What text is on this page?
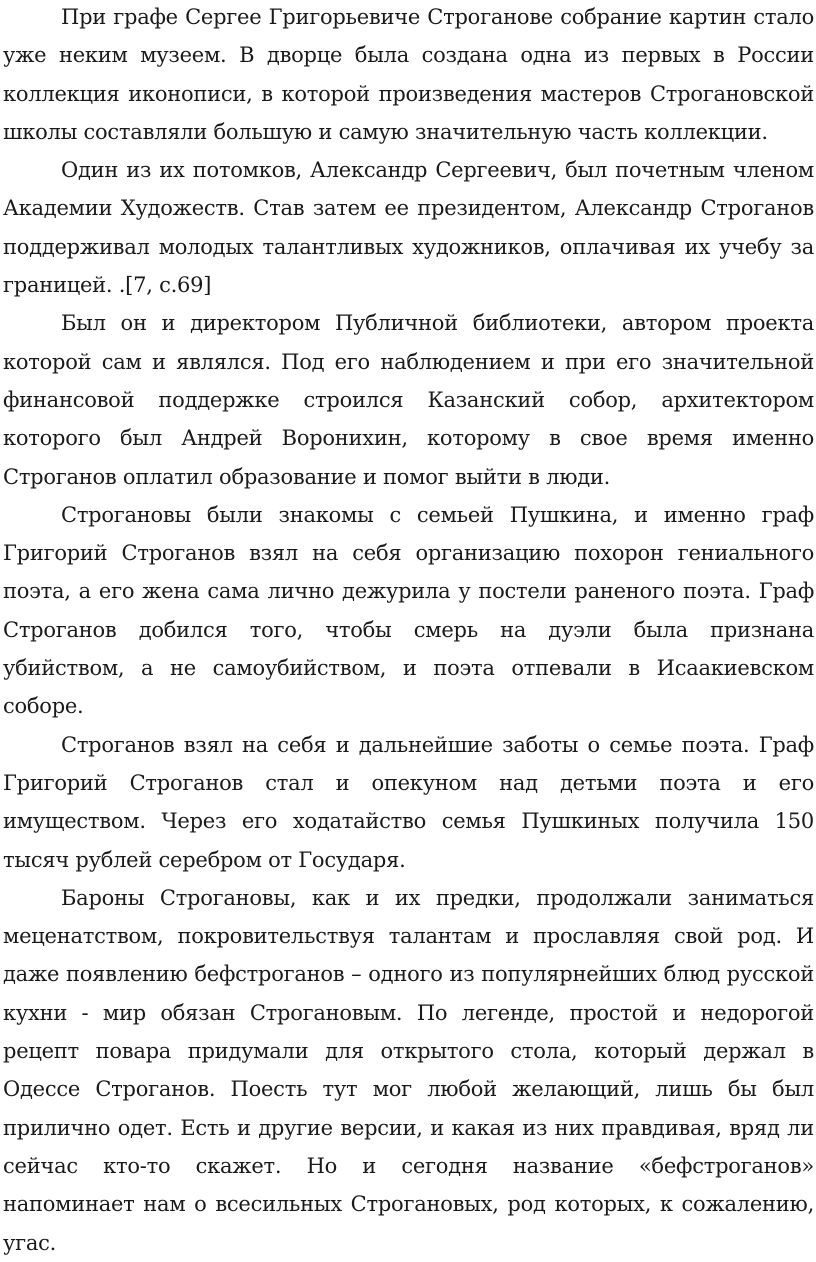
При графе Сергее Григорьевиче Строганове собрание картин стало уже неким музеем. В дворце была создана одна из первых в России коллекция иконописи, в которой произведения мастеров Строгановской школы составляли большую и самую значительную часть коллекции.

Один из их потомков, Александр Сергеевич, был почетным членом Академии Художеств. Став затем ее президентом, Александр Строганов поддерживал молодых талантливых художников, оплачивая их учебу за границей. .[7, с.69]

Был он и директором Публичной библиотеки, автором проекта которой сам и являлся. Под его наблюдением и при его значительной финансовой поддержке строился Казанский собор, архитектором которого был Андрей Воронихин, которому в свое время именно Строганов оплатил образование и помог выйти в люди.

Строгановы были знакомы с семьей Пушкина, и именно граф Григорий Строганов взял на себя организацию похорон гениального поэта, а его жена сама лично дежурила у постели раненого поэта. Граф Строганов добился того, чтобы смерь на дуэли была признана убийством, а не самоубийством, и поэта отпевали в Исаакиевском соборе.

Строганов взял на себя и дальнейшие заботы о семье поэта. Граф Григорий Строганов стал и опекуном над детьми поэта и его имуществом. Через его ходатайство семья Пушкиных получила 150 тысяч рублей серебром от Государя.

Бароны Строгановы, как и их предки, продолжали заниматься меценатством, покровительствуя талантам и прославляя свой род. И даже появлению бефстроганов – одного из популярнейших блюд русской кухни - мир обязан Строгановым. По легенде, простой и недорогой рецепт повара придумали для открытого стола, который держал в Одессе Строганов. Поесть тут мог любой желающий, лишь бы был прилично одет. Есть и другие версии, и какая из них правдивая, вряд ли сейчас кто-то скажет. Но и сегодня название «бефстроганов» напоминает нам о всесильных Строгановых, род которых, к сожалению, угас.
